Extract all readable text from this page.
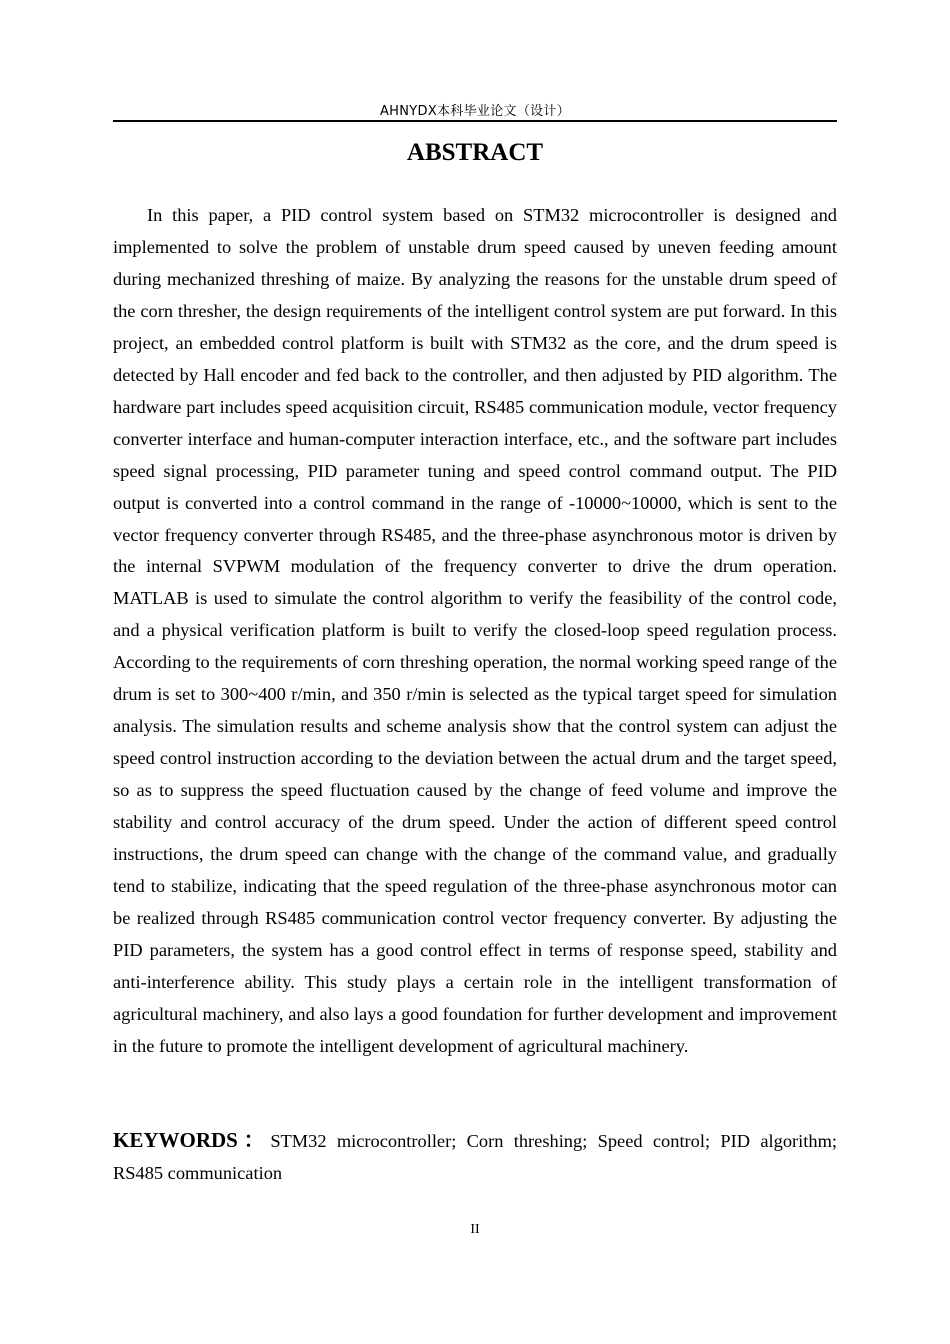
AHNYDX本科毕业论文（设计）
ABSTRACT

In this paper, a PID control system based on STM32 microcontroller is designed and implemented to solve the problem of unstable drum speed caused by uneven feeding amount during mechanized threshing of maize. By analyzing the reasons for the unstable drum speed of the corn thresher, the design requirements of the intelligent control system are put forward. In this project, an embedded control platform is built with STM32 as the core, and the drum speed is detected by Hall encoder and fed back to the controller, and then adjusted by PID algorithm. The hardware part includes speed acquisition circuit, RS485 communication module, vector frequency converter interface and human-computer interaction interface, etc., and the software part includes speed signal processing, PID parameter tuning and speed control command output. The PID output is converted into a control command in the range of -10000~10000, which is sent to the vector frequency converter through RS485, and the three-phase asynchronous motor is driven by the internal SVPWM modulation of the frequency converter to drive the drum operation. MATLAB is used to simulate the control algorithm to verify the feasibility of the control code, and a physical verification platform is built to verify the closed-loop speed regulation process. According to the requirements of corn threshing operation, the normal working speed range of the drum is set to 300~400 r/min, and 350 r/min is selected as the typical target speed for simulation analysis. The simulation results and scheme analysis show that the control system can adjust the speed control instruction according to the deviation between the actual drum and the target speed, so as to suppress the speed fluctuation caused by the change of feed volume and improve the stability and control accuracy of the drum speed. Under the action of different speed control instructions, the drum speed can change with the change of the command value, and gradually tend to stabilize, indicating that the speed regulation of the three-phase asynchronous motor can be realized through RS485 communication control vector frequency converter. By adjusting the PID parameters, the system has a good control effect in terms of response speed, stability and anti-interference ability. This study plays a certain role in the intelligent transformation of agricultural machinery, and also lays a good foundation for further development and improvement in the future to promote the intelligent development of agricultural machinery.

KEYWORDS：STM32 microcontroller; Corn threshing; Speed control; PID algorithm; RS485 communication

II
